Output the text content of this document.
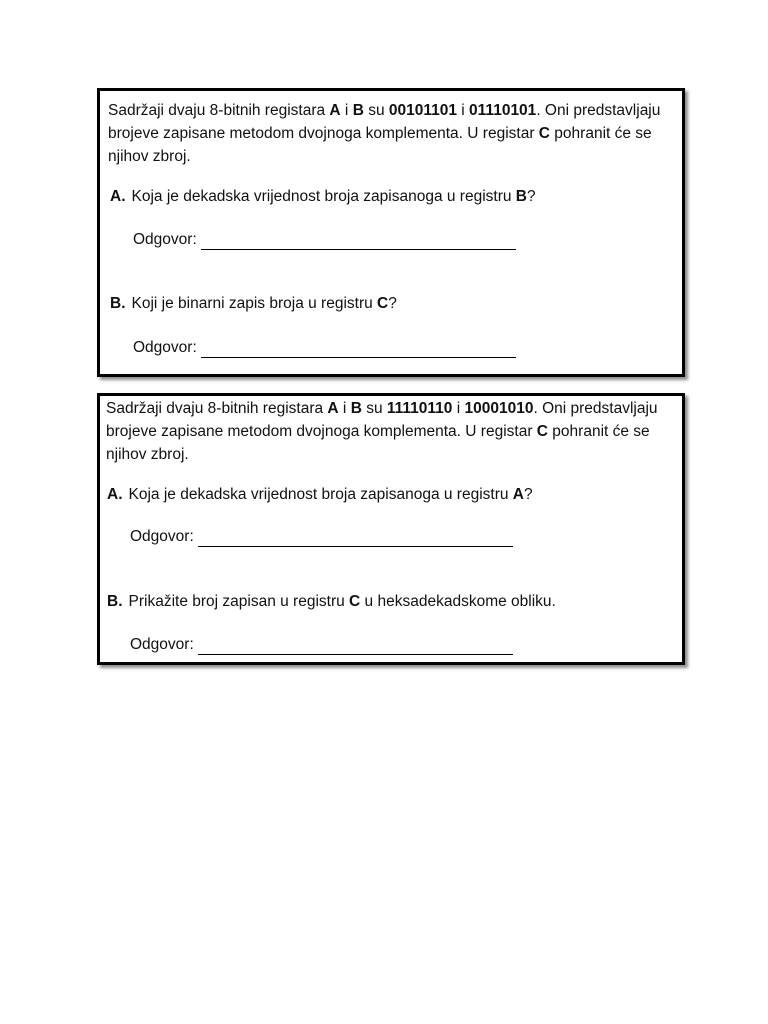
Sadržaji dvaju 8-bitnih registara A i B su 00101101 i 01110101. Oni predstavljaju brojeve zapisane metodom dvojnoga komplementa. U registar C pohranit će se njihov zbroj.

A. Koja je dekadska vrijednost broja zapisanoga u registru B?

Odgovor:

B. Koji je binarni zapis broja u registru C?

Odgovor:

Sadržaji dvaju 8-bitnih registara A i B su 11110110 i 10001010. Oni predstavljaju brojeve zapisane metodom dvojnoga komplementa. U registar C pohranit će se njihov zbroj.

A. Koja je dekadska vrijednost broja zapisanoga u registru A?

Odgovor:

B. Prikažite broj zapisan u registru C u heksadekadskome obliku.

Odgovor:
